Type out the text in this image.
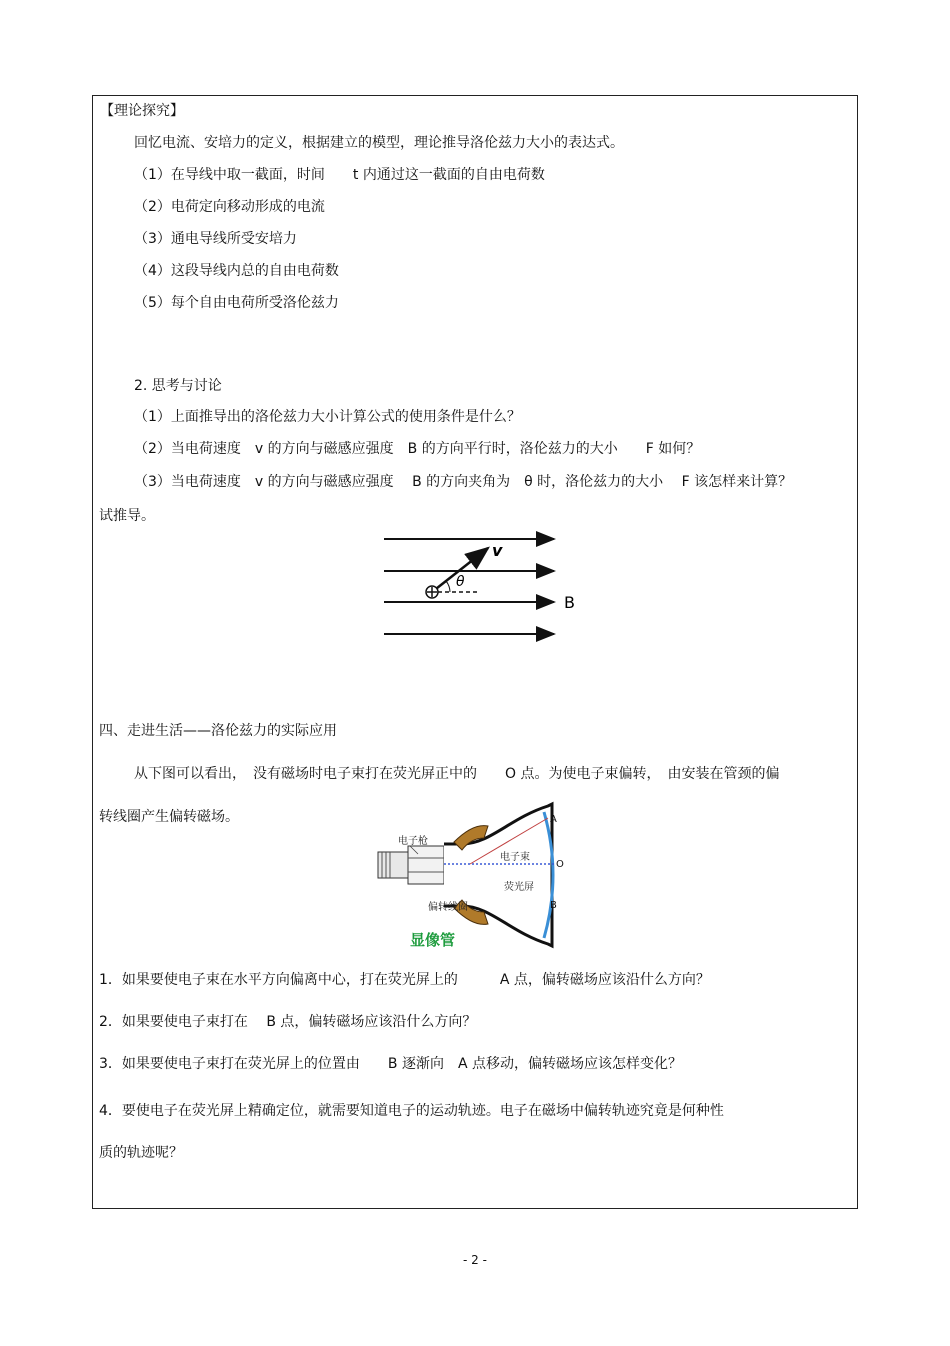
【理论探究】
回忆电流、安培力的定义，根据建立的模型，理论推导洛伦兹力大小的表达式。
（1）在导线中取一截面，时间　　t 内通过这一截面的自由电荷数
（2）电荷定向移动形成的电流
（3）通电导线所受安培力
（4）这段导线内总的自由电荷数
（5）每个自由电荷所受洛伦兹力
2. 思考与讨论
（1）上面推导出的洛伦兹力大小计算公式的使用条件是什么？
（2）当电荷速度　v 的方向与磁感应强度　B 的方向平行时，洛伦兹力的大小　　F 如何？
（3）当电荷速度　v 的方向与磁感应强度　 B 的方向夹角为　θ 时，洛伦兹力的大小　 F 该怎样来计算？
试推导。
v
θ
B
四、走进生活——洛伦兹力的实际应用
从下图可以看出，　没有磁场时电子束打在荧光屏正中的　　O 点。为使电子束偏转，　由安装在管颈的偏
转线圈产生偏转磁场。
电子枪
电子束
荧光屏
偏转线圈
A
O
B
显像管
1．如果要使电子束在水平方向偏离中心，打在荧光屏上的　　　A 点，偏转磁场应该沿什么方向？
2．如果要使电子束打在　 B 点，偏转磁场应该沿什么方向？
3．如果要使电子束打在荧光屏上的位置由　　B 逐渐向　A 点移动，偏转磁场应该怎样变化？
4．要使电子在荧光屏上精确定位，就需要知道电子的运动轨迹。电子在磁场中偏转轨迹究竟是何种性
质的轨迹呢？
- 2 -
